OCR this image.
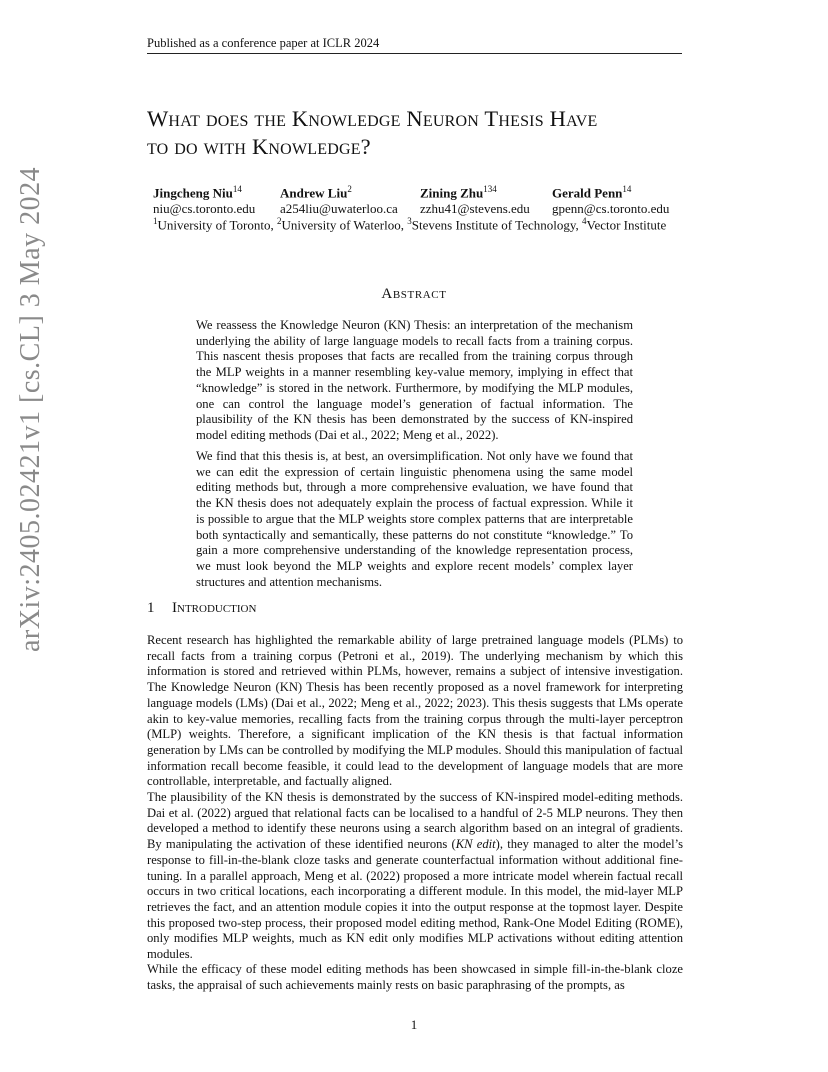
Published as a conference paper at ICLR 2024
What does the Knowledge Neuron Thesis Have
to do with Knowledge?
Jingcheng Niu$^{14}$
niu@cs.toronto.edu
Andrew Liu$^2$
a254liu@uwaterloo.ca
Zining Zhu$^{134}$
zzhu41@stevens.edu
Gerald Penn$^{14}$
gpenn@cs.toronto.edu
$^1$University of Toronto, $^2$University of Waterloo, $^3$Stevens Institute of Technology, $^4$Vector Institute
arXiv:2405.02421v1 [cs.CL] 3 May 2024	Abstract
We reassess the Knowledge Neuron (KN) Thesis: an interpretation of the mechanism underlying the ability of large language models to recall facts from a training corpus. This nascent thesis proposes that facts are recalled from the training corpus through the MLP weights in a manner resembling key-value memory, implying in effect that “knowledge” is stored in the network. Furthermore, by modifying the MLP modules, one can control the language model’s generation of factual information. The plausibility of the KN thesis has been demonstrated by the success of KN-inspired model editing methods (Dai et al., 2022; Meng et al., 2022).
We find that this thesis is, at best, an oversimplification. Not only have we found that we can edit the expression of certain linguistic phenomena using the same model editing methods but, through a more comprehensive evaluation, we have found that the KN thesis does not adequately explain the process of factual expression. While it is possible to argue that the MLP weights store complex patterns that are interpretable both syntactically and semantically, these patterns do not constitute “knowledge.” To gain a more comprehensive understanding of the knowledge representation process, we must look beyond the MLP weights and explore recent models’ complex layer structures and attention mechanisms.
1 Introduction
Recent research has highlighted the remarkable ability of large pretrained language models (PLMs) to recall facts from a training corpus (Petroni et al., 2019). The underlying mechanism by which this information is stored and retrieved within PLMs, however, remains a subject of intensive investigation. The Knowledge Neuron (KN) Thesis has been recently proposed as a novel framework for interpreting language models (LMs) (Dai et al., 2022; Meng et al., 2022; 2023). This thesis suggests that LMs operate akin to key-value memories, recalling facts from the training corpus through the multi-layer perceptron (MLP) weights. Therefore, a significant implication of the KN thesis is that factual information generation by LMs can be controlled by modifying the MLP modules. Should this manipulation of factual information recall become feasible, it could lead to the development of language models that are more controllable, interpretable, and factually aligned.
The plausibility of the KN thesis is demonstrated by the success of KN-inspired model-editing methods. Dai et al. (2022) argued that relational facts can be localised to a handful of 2-5 MLP neurons. They then developed a method to identify these neurons using a search algorithm based on an integral of gradients. By manipulating the activation of these identified neurons (KN edit), they managed to alter the model’s response to fill-in-the-blank cloze tasks and generate counterfactual information without additional fine-tuning. In a parallel approach, Meng et al. (2022) proposed a more intricate model wherein factual recall occurs in two critical locations, each incorporating a different module. In this model, the mid-layer MLP retrieves the fact, and an attention module copies it into the output response at the topmost layer. Despite this proposed two-step process, their proposed model editing method, Rank-One Model Editing (ROME), only modifies MLP weights, much as KN edit only modifies MLP activations without editing attention modules.
While the efficacy of these model editing methods has been showcased in simple fill-in-the-blank cloze tasks, the appraisal of such achievements mainly rests on basic paraphrasing of the prompts, as
1
